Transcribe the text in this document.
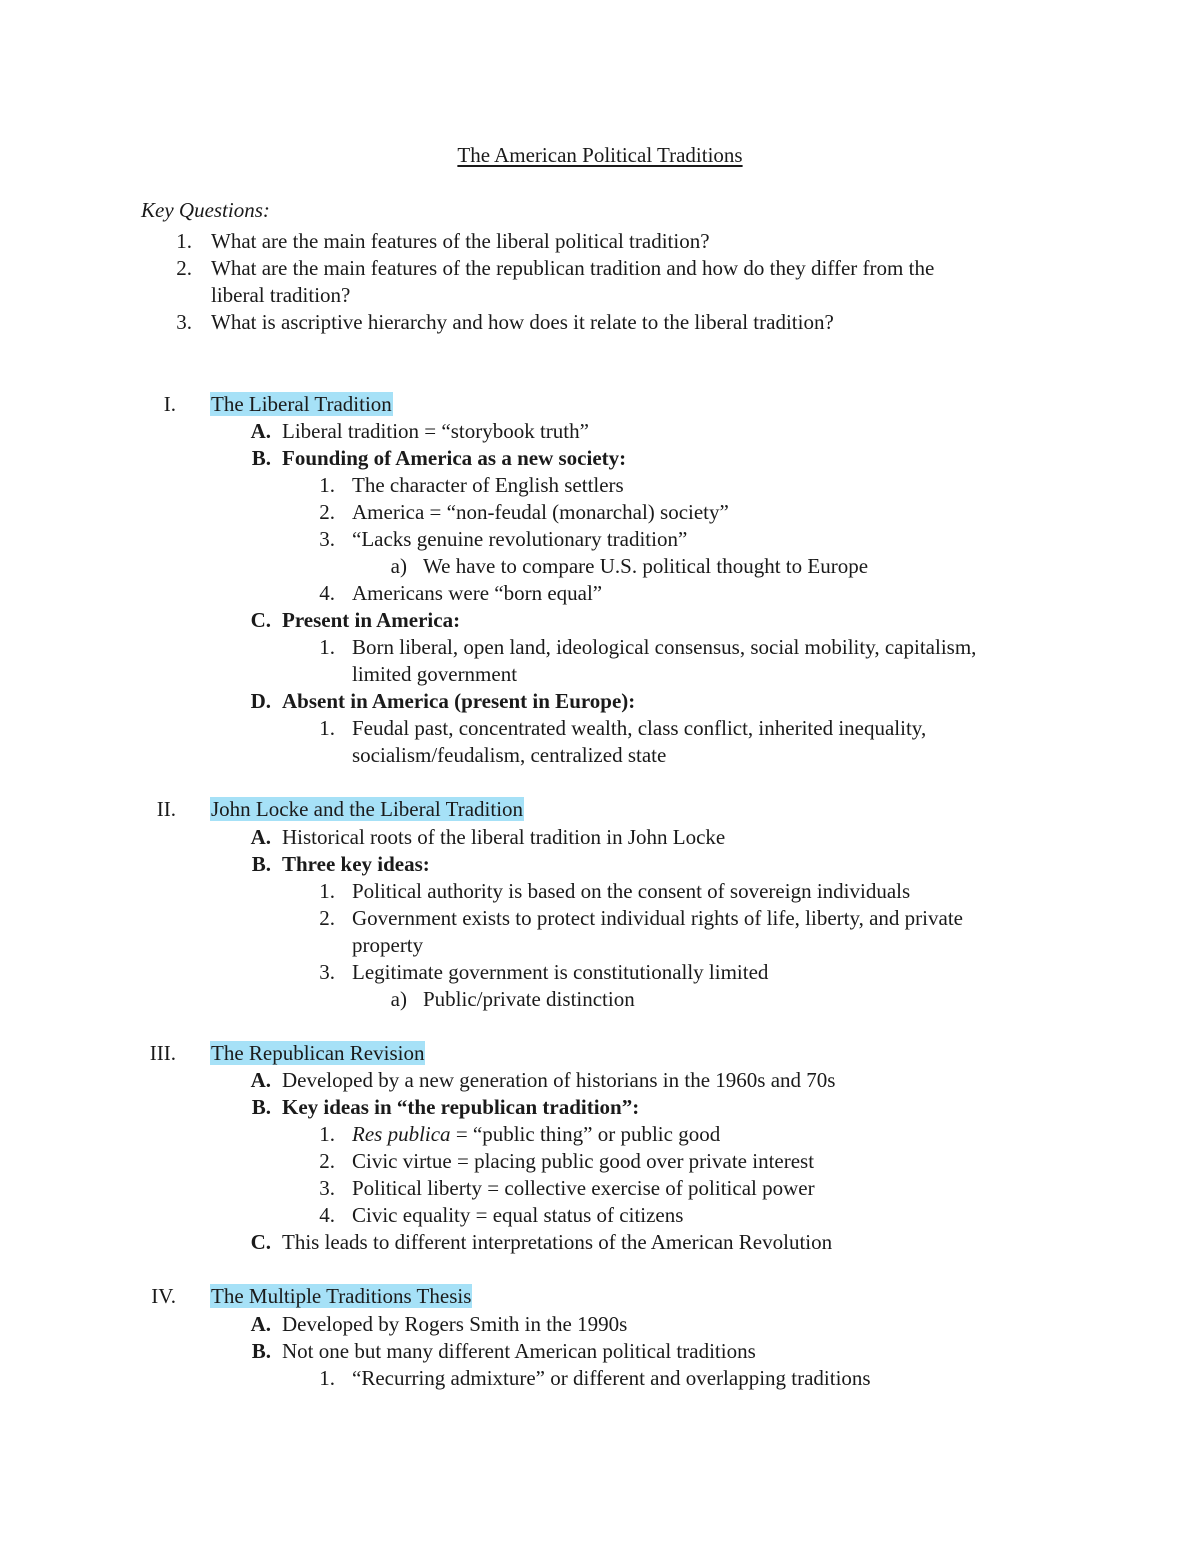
The American Political Traditions
Key Questions:
1. What are the main features of the liberal political tradition?
2. What are the main features of the republican tradition and how do they differ from the
liberal tradition?
3. What is ascriptive hierarchy and how does it relate to the liberal tradition?
I. The Liberal Tradition
A. Liberal tradition = “storybook truth”
B. Founding of America as a new society:
1. The character of English settlers
2. America = “non-feudal (monarchal) society”
3. “Lacks genuine revolutionary tradition”
a) We have to compare U.S. political thought to Europe
4. Americans were “born equal”
C. Present in America:
1. Born liberal, open land, ideological consensus, social mobility, capitalism,
limited government
D. Absent in America (present in Europe):
1. Feudal past, concentrated wealth, class conflict, inherited inequality,
socialism/feudalism, centralized state
II. John Locke and the Liberal Tradition
A. Historical roots of the liberal tradition in John Locke
B. Three key ideas:
1. Political authority is based on the consent of sovereign individuals
2. Government exists to protect individual rights of life, liberty, and private
property
3. Legitimate government is constitutionally limited
a) Public/private distinction
III. The Republican Revision
A. Developed by a new generation of historians in the 1960s and 70s
B. Key ideas in “the republican tradition”:
1. Res publica = “public thing” or public good
2. Civic virtue = placing public good over private interest
3. Political liberty = collective exercise of political power
4. Civic equality = equal status of citizens
C. This leads to different interpretations of the American Revolution
IV. The Multiple Traditions Thesis
A. Developed by Rogers Smith in the 1990s
B. Not one but many different American political traditions
1. “Recurring admixture” or different and overlapping traditions
